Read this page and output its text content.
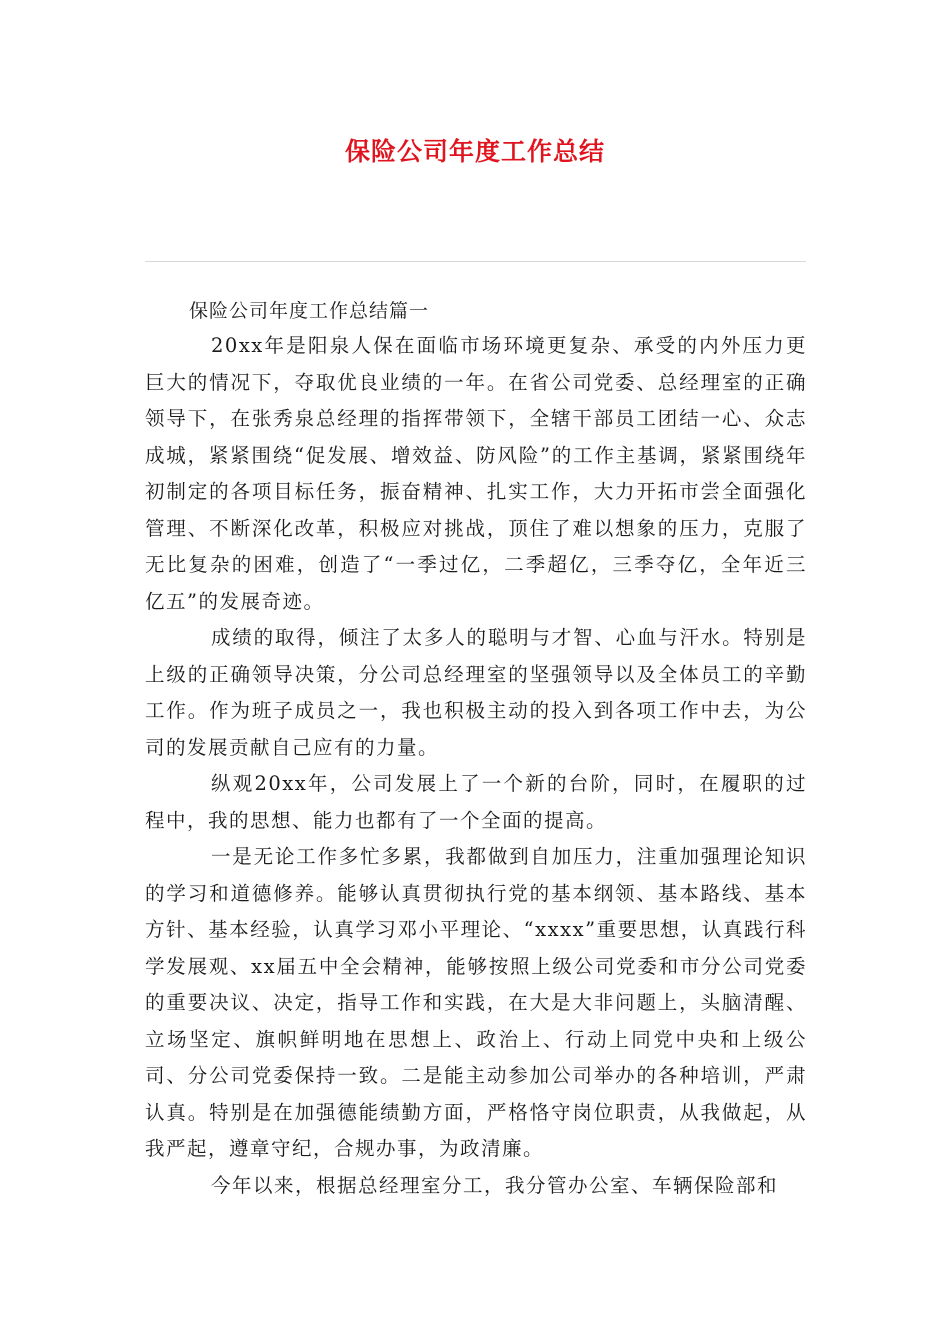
保险公司年度工作总结

保险公司年度工作总结篇一

20xx年是阳泉人保在面临市场环境更复杂、承受的内外压力更巨大的情况下，夺取优良业绩的一年。在省公司党委、总经理室的正确领导下，在张秀泉总经理的指挥带领下，全辖干部员工团结一心、众志成城，紧紧围绕“促发展、增效益、防风险”的工作主基调，紧紧围绕年初制定的各项目标任务，振奋精神、扎实工作，大力开拓市尝全面强化管理、不断深化改革，积极应对挑战，顶住了难以想象的压力，克服了无比复杂的困难，创造了“一季过亿，二季超亿，三季夺亿，全年近三亿五”的发展奇迹。

成绩的取得，倾注了太多人的聪明与才智、心血与汗水。特别是上级的正确领导决策，分公司总经理室的坚强领导以及全体员工的辛勤工作。作为班子成员之一，我也积极主动的投入到各项工作中去，为公司的发展贡献自己应有的力量。

纵观20xx年，公司发展上了一个新的台阶，同时，在履职的过程中，我的思想、能力也都有了一个全面的提高。

一是无论工作多忙多累，我都做到自加压力，注重加强理论知识的学习和道德修养。能够认真贯彻执行党的基本纲领、基本路线、基本方针、基本经验，认真学习邓小平理论、“xxxx”重要思想，认真践行科学发展观、xx届五中全会精神，能够按照上级公司党委和市分公司党委的重要决议、决定，指导工作和实践，在大是大非问题上，头脑清醒、立场坚定、旗帜鲜明地在思想上、政治上、行动上同党中央和上级公司、分公司党委保持一致。二是能主动参加公司举办的各种培训，严肃认真。特别是在加强德能绩勤方面，严格恪守岗位职责，从我做起，从我严起，遵章守纪，合规办事，为政清廉。

今年以来，根据总经理室分工，我分管办公室、车辆保险部和
